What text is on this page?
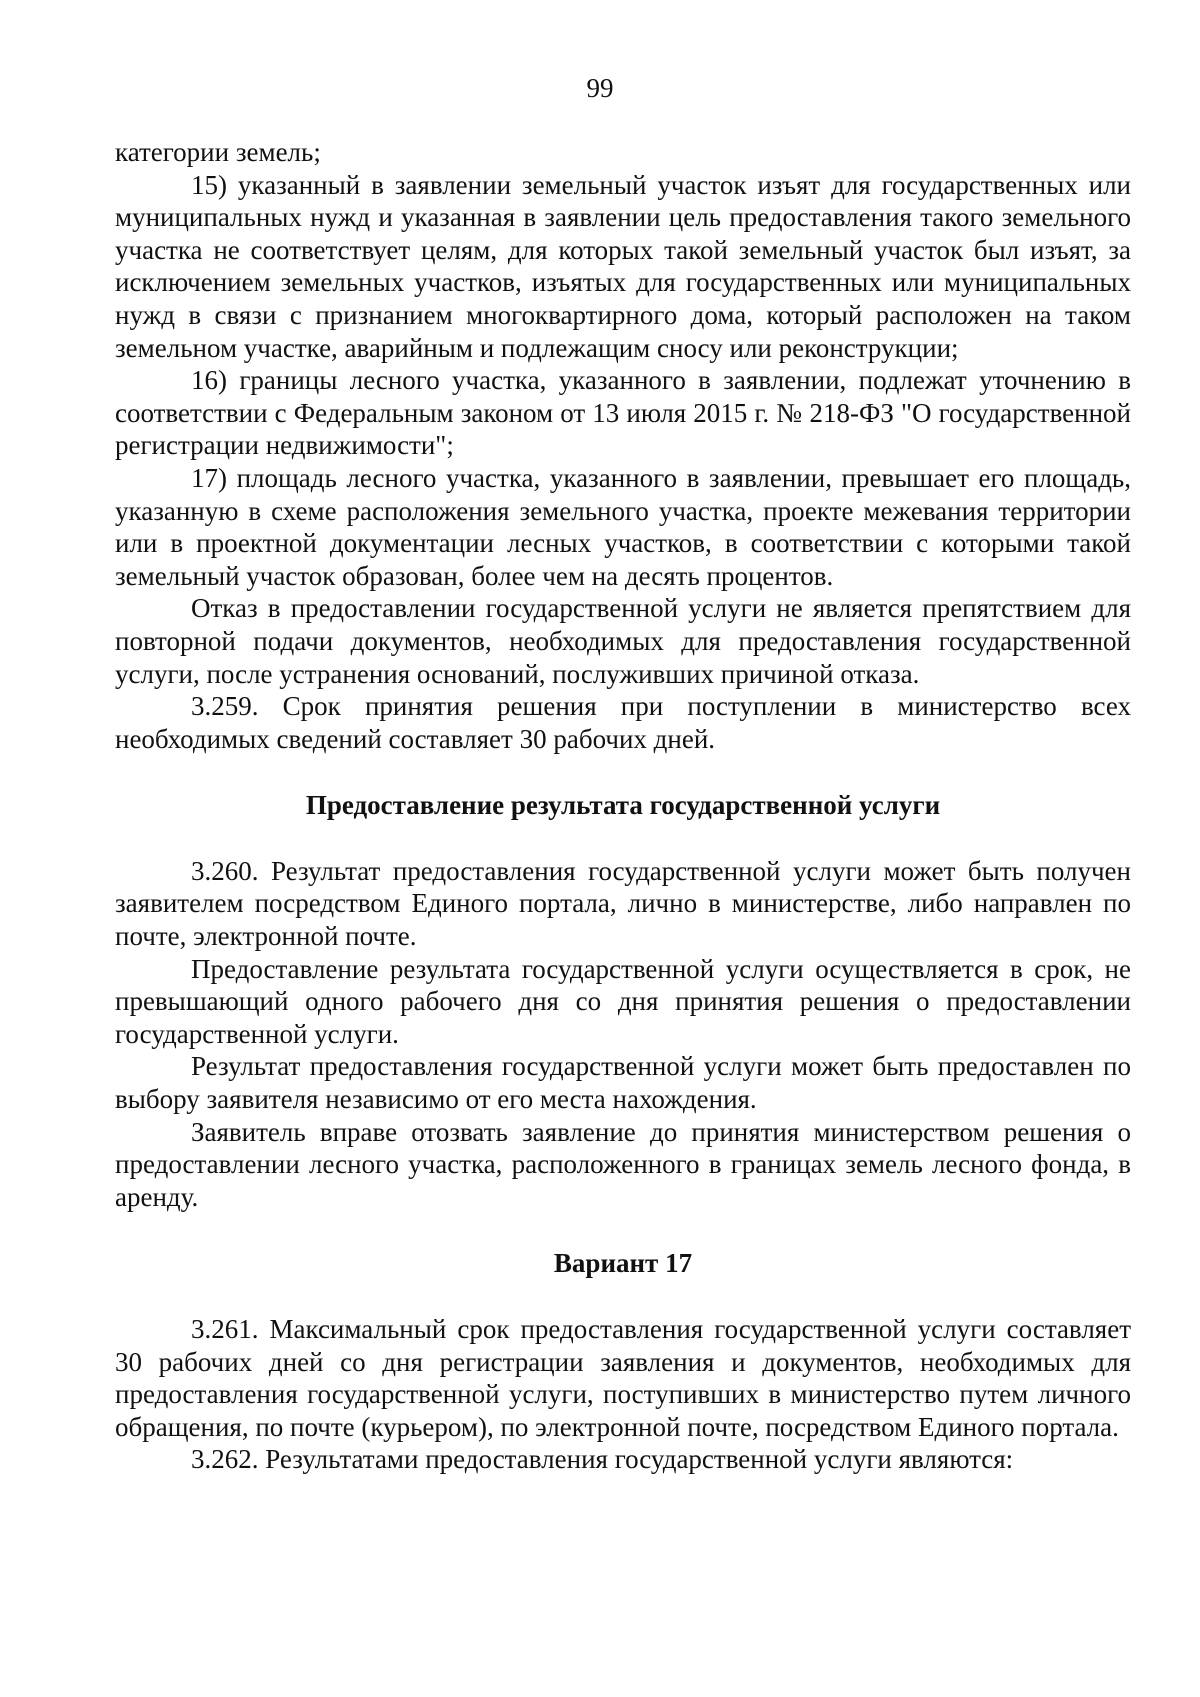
99

категории земель;

15) указанный в заявлении земельный участок изъят для государственных или муниципальных нужд и указанная в заявлении цель предоставления такого земельного участка не соответствует целям, для которых такой земельный участок был изъят, за исключением земельных участков, изъятых для государственных или муниципальных нужд в связи с признанием многоквартирного дома, который расположен на таком земельном участке, аварийным и подлежащим сносу или реконструкции;

16) границы лесного участка, указанного в заявлении, подлежат уточнению в соответствии с Федеральным законом от 13 июля 2015 г. № 218-ФЗ "О государственной регистрации недвижимости";

17) площадь лесного участка, указанного в заявлении, превышает его площадь, указанную в схеме расположения земельного участка, проекте межевания территории или в проектной документации лесных участков, в соответствии с которыми такой земельный участок образован, более чем на десять процентов.

Отказ в предоставлении государственной услуги не является препятствием для повторной подачи документов, необходимых для предоставления государственной услуги, после устранения оснований, послуживших причиной отказа.

3.259. Срок принятия решения при поступлении в министерство всех необходимых сведений составляет 30 рабочих дней.

Предоставление результата государственной услуги

3.260. Результат предоставления государственной услуги может быть получен заявителем посредством Единого портала, лично в министерстве, либо направлен по почте, электронной почте.

Предоставление результата государственной услуги осуществляется в срок, не превышающий одного рабочего дня со дня принятия решения о предоставлении государственной услуги.

Результат предоставления государственной услуги может быть предоставлен по выбору заявителя независимо от его места нахождения.

Заявитель вправе отозвать заявление до принятия министерством решения о предоставлении лесного участка, расположенного в границах земель лесного фонда, в аренду.

Вариант 17

3.261. Максимальный срок предоставления государственной услуги составляет 30 рабочих дней со дня регистрации заявления и документов, необходимых для предоставления государственной услуги, поступивших в министерство путем личного обращения, по почте (курьером), по электронной почте, посредством Единого портала.

3.262. Результатами предоставления государственной услуги являются:
